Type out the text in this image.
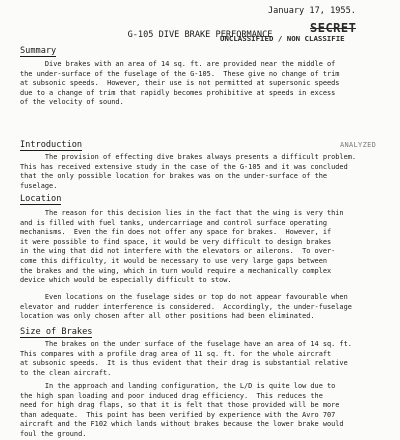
January 17, 1955.
SECRET
UNCLASSIFIED / NON CLASSIFIE
G-105 DIVE BRAKE PERFORMANCE
Summary
Dive brakes with an area of 14 sq. ft. are provided near the middle of
the under-surface of the fuselage of the G-105.  These give no change of trim
at subsonic speeds.  However, their use is not permitted at supersonic speeds
due to a change of trim that rapidly becomes prohibitive at speeds in excess
of the velocity of sound.
Introduction	ANALYZED
The provision of effecting dive brakes always presents a difficult problem.
This has received extensive study in the case of the G-105 and it was concluded
that the only possible location for brakes was on the under-surface of the
fuselage.
Location
The reason for this decision lies in the fact that the wing is very thin
and is filled with fuel tanks, undercarriage and control surface operating
mechanisms.  Even the fin does not offer any space for brakes.  However, if
it were possible to find space, it would be very difficult to design brakes
in the wing that did not interfere with the elevators or ailerons.  To over-
come this difficulty, it would be necessary to use very large gaps between
the brakes and the wing, which in turn would require a mechanically complex
device which would be especially difficult to stow.
Even locations on the fuselage sides or top do not appear favourable when
elevator and rudder interference is considered.  Accordingly, the under-fuselage
location was only chosen after all other positions had been eliminated.
Size of Brakes
The brakes on the under surface of the fuselage have an area of 14 sq. ft.
This compares with a profile drag area of 11 sq. ft. for the whole aircraft
at subsonic speeds.  It is thus evident that their drag is substantial relative
to the clean aircraft.
In the approach and landing configuration, the L/D is quite low due to
the high span loading and poor induced drag efficiency.  This reduces the
need for high drag flaps, so that it is felt that those provided will be more
than adequate.  This point has been verified by experience with the Avro 707
aircraft and the F102 which lands without brakes because the lower brake would
foul the ground.
